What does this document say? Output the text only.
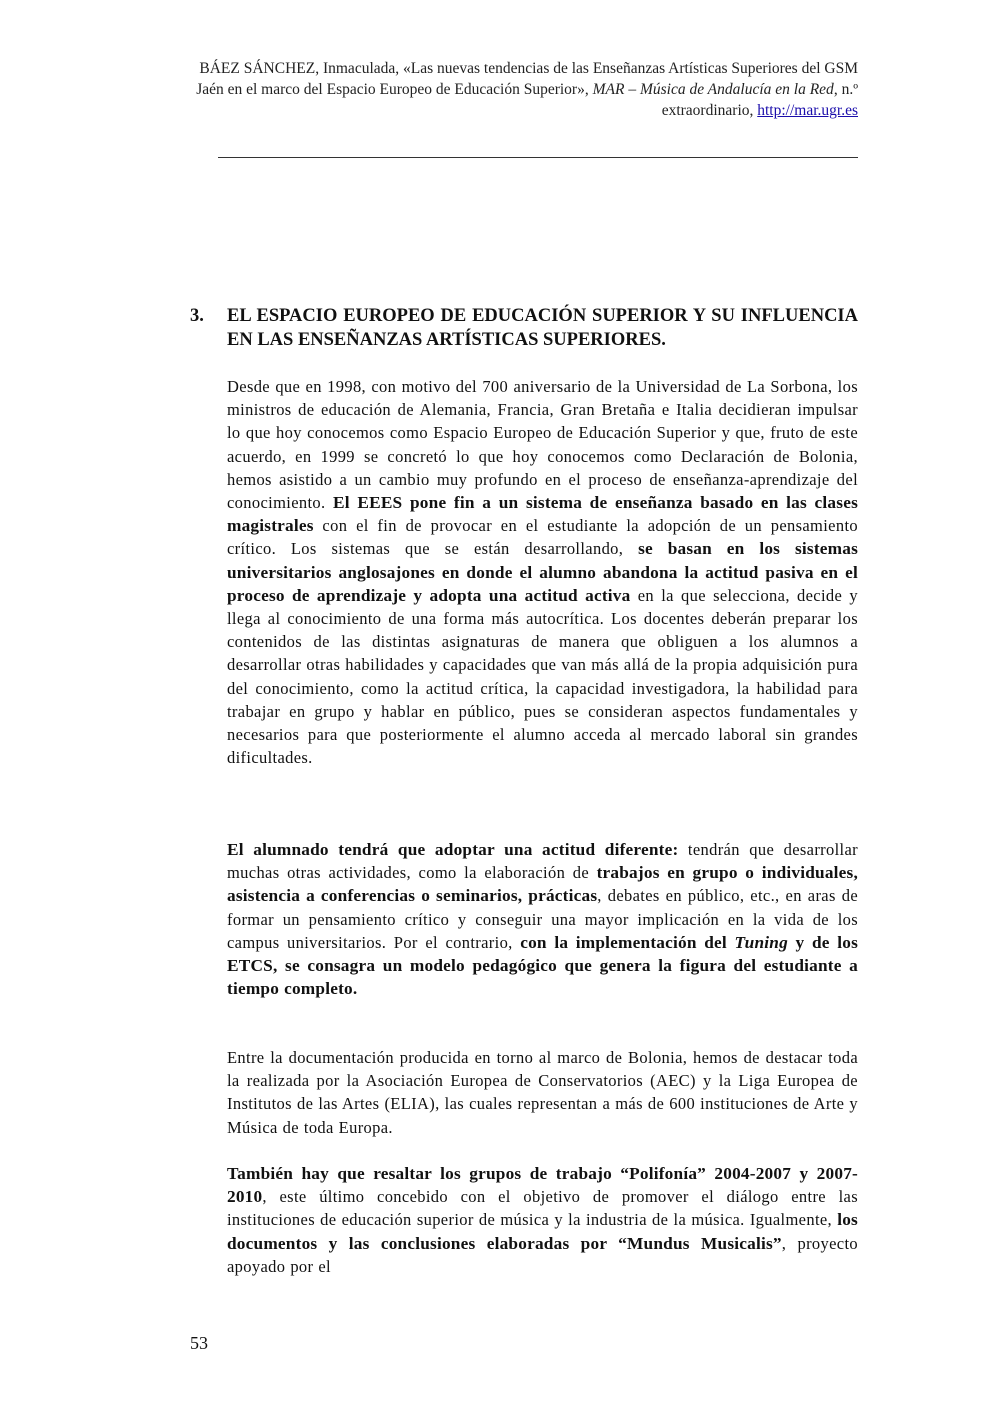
BÁEZ SÁNCHEZ, Inmaculada, «Las nuevas tendencias de las Enseñanzas Artísticas Superiores del GSM Jaén en el marco del Espacio Europeo de Educación Superior», MAR – Música de Andalucía en la Red, n.º extraordinario, http://mar.ugr.es
3. EL ESPACIO EUROPEO DE EDUCACIÓN SUPERIOR Y SU INFLUENCIA EN LAS ENSEÑANZAS ARTÍSTICAS SUPERIORES.
Desde que en 1998, con motivo del 700 aniversario de la Universidad de La Sorbona, los ministros de educación de Alemania, Francia, Gran Bretaña e Italia decidieran impulsar lo que hoy conocemos como Espacio Europeo de Educación Superior y que, fruto de este acuerdo, en 1999 se concretó lo que hoy conocemos como Declaración de Bolonia, hemos asistido a un cambio muy profundo en el proceso de enseñanza-aprendizaje del conocimiento. El EEES pone fin a un sistema de enseñanza basado en las clases magistrales con el fin de provocar en el estudiante la adopción de un pensamiento crítico. Los sistemas que se están desarrollando, se basan en los sistemas universitarios anglosajones en donde el alumno abandona la actitud pasiva en el proceso de aprendizaje y adopta una actitud activa en la que selecciona, decide y llega al conocimiento de una forma más autocrítica. Los docentes deberán preparar los contenidos de las distintas asignaturas de manera que obliguen a los alumnos a desarrollar otras habilidades y capacidades que van más allá de la propia adquisición pura del conocimiento, como la actitud crítica, la capacidad investigadora, la habilidad para trabajar en grupo y hablar en público, pues se consideran aspectos fundamentales y necesarios para que posteriormente el alumno acceda al mercado laboral sin grandes dificultades.
El alumnado tendrá que adoptar una actitud diferente: tendrán que desarrollar muchas otras actividades, como la elaboración de trabajos en grupo o individuales, asistencia a conferencias o seminarios, prácticas, debates en público, etc., en aras de formar un pensamiento crítico y conseguir una mayor implicación en la vida de los campus universitarios. Por el contrario, con la implementación del Tuning y de los ETCS, se consagra un modelo pedagógico que genera la figura del estudiante a tiempo completo.
Entre la documentación producida en torno al marco de Bolonia, hemos de destacar toda la realizada por la Asociación Europea de Conservatorios (AEC) y la Liga Europea de Institutos de las Artes (ELIA), las cuales representan a más de 600 instituciones de Arte y Música de toda Europa.
También hay que resaltar los grupos de trabajo “Polifonía” 2004-2007 y 2007-2010, este último concebido con el objetivo de promover el diálogo entre las instituciones de educación superior de música y la industria de la música. Igualmente, los documentos y las conclusiones elaboradas por “Mundus Musicalis”, proyecto apoyado por el
53
